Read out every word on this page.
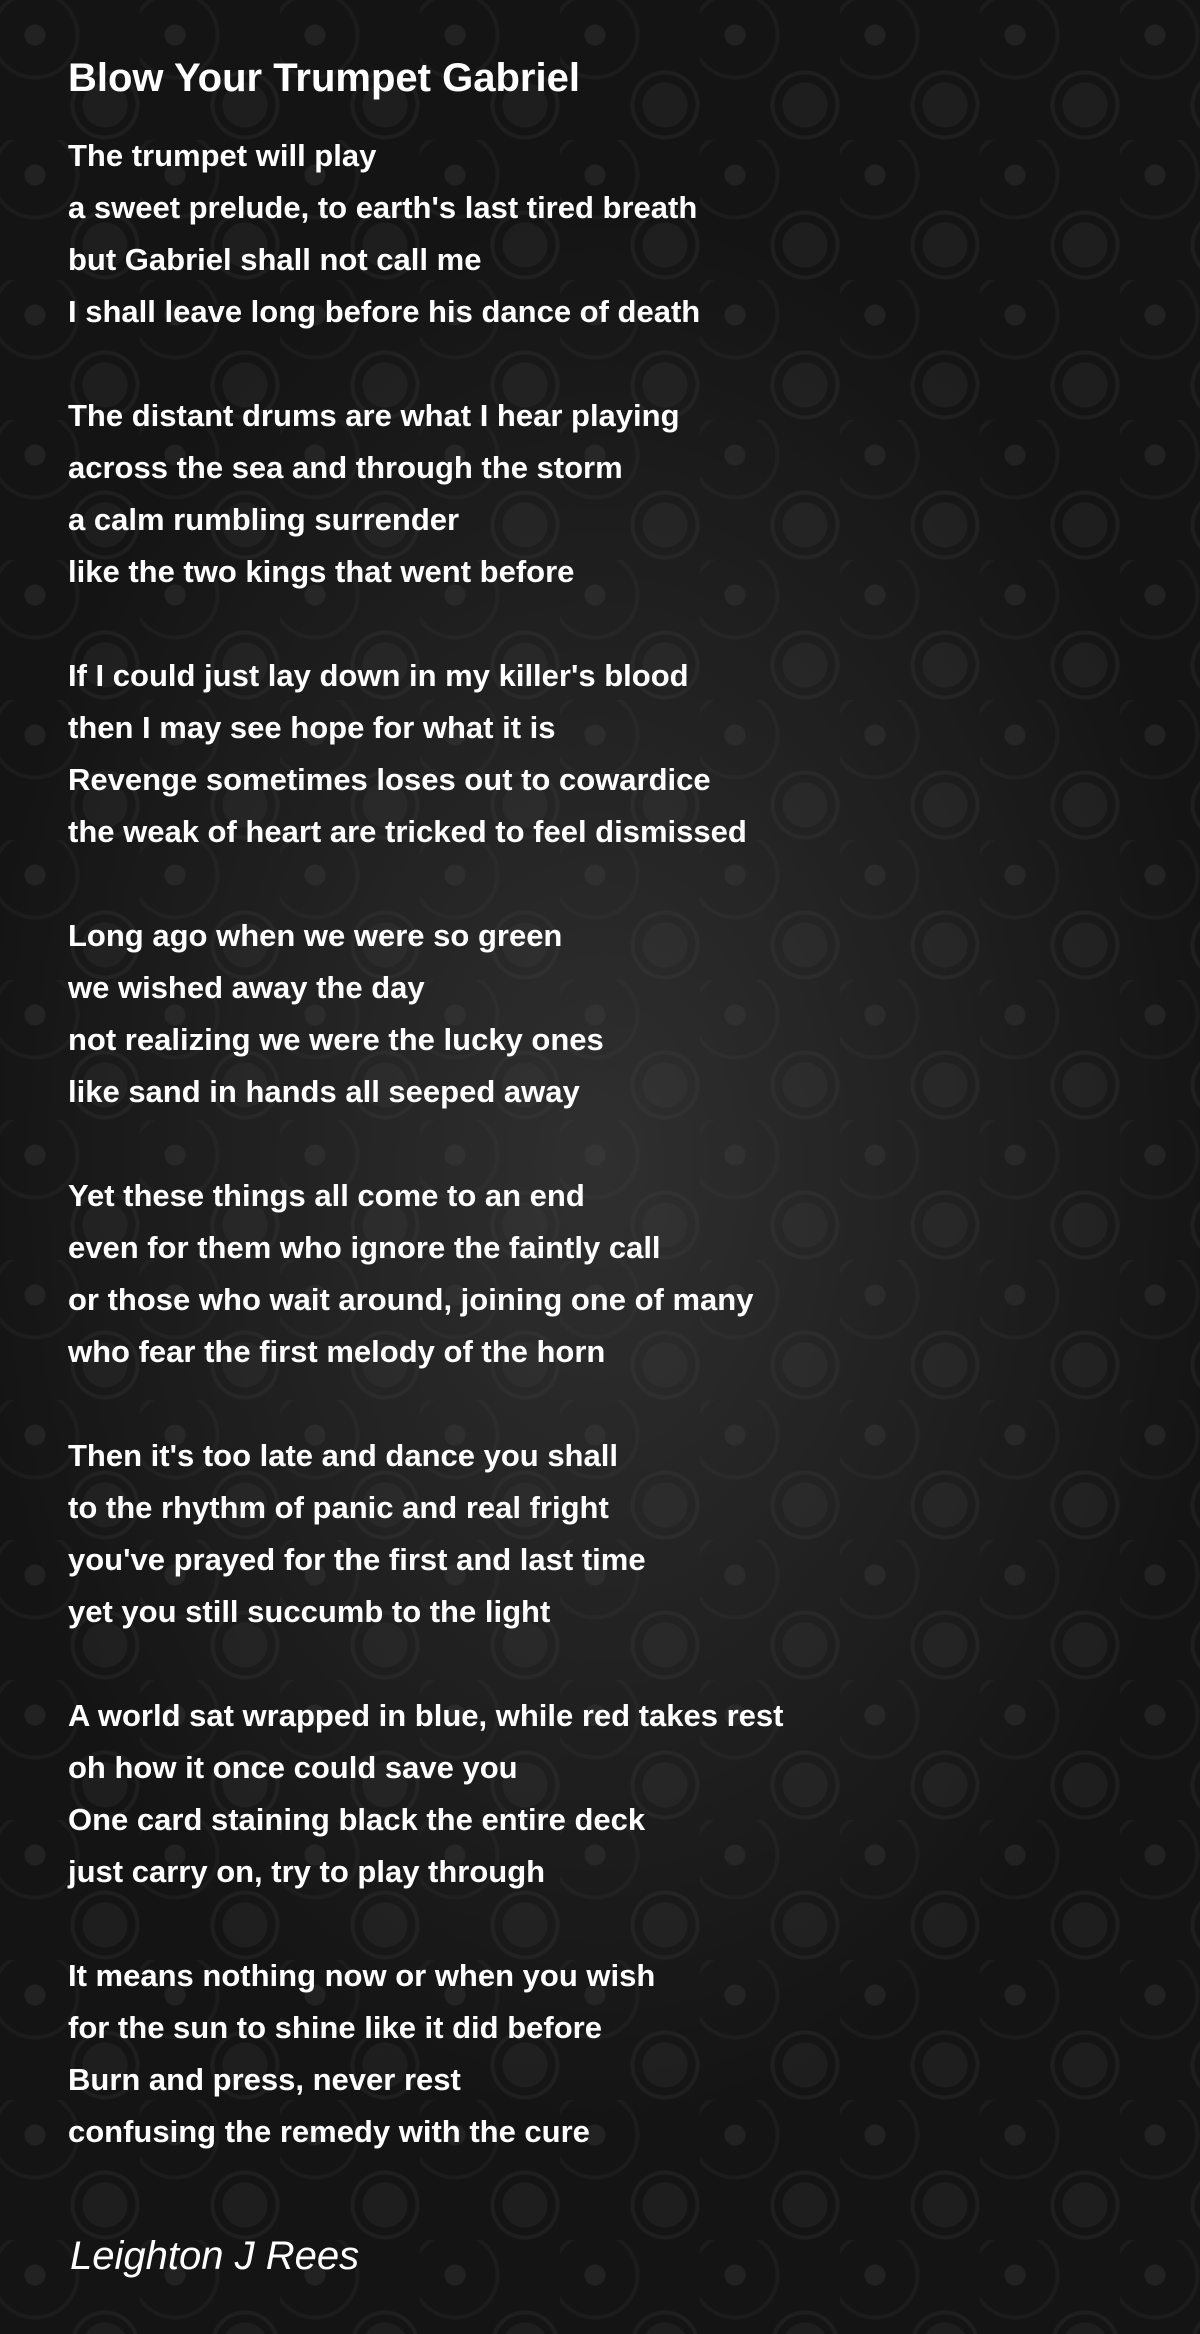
Blow Your Trumpet Gabriel
The trumpet will play
a sweet prelude, to earth's last tired breath
but Gabriel shall not call me
I shall leave long before his dance of death
The distant drums are what I hear playing
across the sea and through the storm
a calm rumbling surrender
like the two kings that went before
If I could just lay down in my killer's blood
then I may see hope for what it is
Revenge sometimes loses out to cowardice
the weak of heart are tricked to feel dismissed
Long ago when we were so green
we wished away the day
not realizing we were the lucky ones
like sand in hands all seeped away
Yet these things all come to an end
even for them who ignore the faintly call
or those who wait around, joining one of many
who fear the first melody of the horn
Then it's too late and dance you shall
to the rhythm of panic and real fright
you've prayed for the first and last time
yet you still succumb to the light
A world sat wrapped in blue, while red takes rest
oh how it once could save you
One card staining black the entire deck
just carry on, try to play through
It means nothing now or when you wish
for the sun to shine like it did before
Burn and press, never rest
confusing the remedy with the cure
Leighton J Rees
